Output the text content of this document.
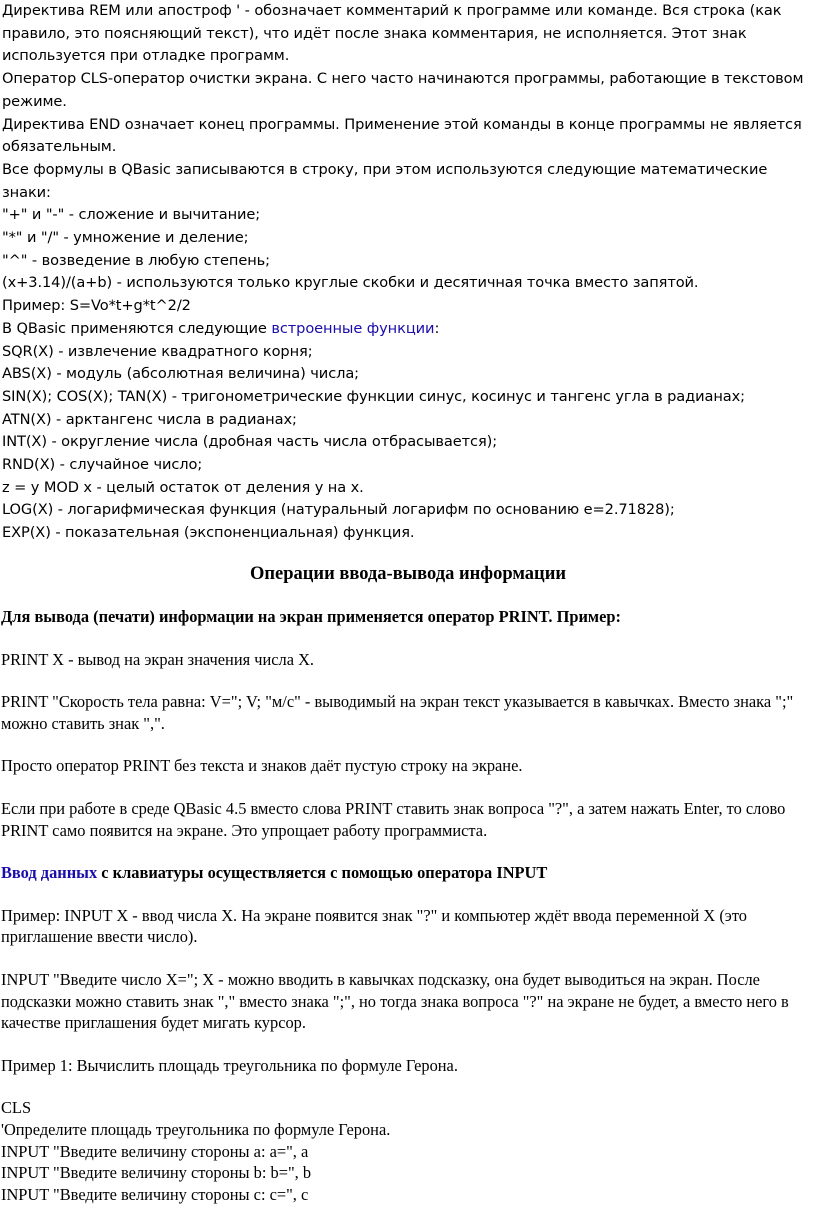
Директива REM или апостроф ' - обозначает комментарий к программе или команде. Вся строка (как правило, это поясняющий текст), что идёт после знака комментария, не исполняется. Этот знак используется при отладке программ.

Оператор CLS-оператор очистки экрана. С него часто начинаются программы, работающие в текстовом режиме.

Директива END означает конец программы. Применение этой команды в конце программы не является обязательным.

Все формулы в QBasic записываются в строку, при этом используются следующие математические знаки:

"+" и "-" - сложение и вычитание;

"*" и "/" - умножение и деление;

"^" - возведение в любую степень;

(x+3.14)/(a+b) - используются только круглые скобки и десятичная точка вместо запятой.

Пример: S=Vo*t+g*t^2/2

В QBasic применяются следующие встроенные функции:

SQR(X) - извлечение квадратного корня;

ABS(X) - модуль (абсолютная величина) числа;

SIN(X); COS(X); TAN(X) - тригонометрические функции синус, косинус и тангенс угла в радианах;

ATN(X) - арктангенс числа в радианах;

INT(X) - округление числа (дробная часть числа отбрасывается);

RND(X) - случайное число;

z = y MOD x - целый остаток от деления y на x.

LOG(X) - логарифмическая функция (натуральный логарифм по основанию е=2.71828);

EXP(X) - показательная (экспоненциальная) функция.

Операции ввода-вывода информации

Для вывода (печати) информации на экран применяется оператор PRINT. Пример:

PRINT X - вывод на экран значения числа X.

PRINT "Скорость тела равна: V="; V; "м/с" - выводимый на экран текст указывается в кавычках. Вместо знака ";" можно ставить знак ",".

Просто оператор PRINT без текста и знаков даёт пустую строку на экране.

Если при работе в среде QBasic 4.5 вместо слова PRINT ставить знак вопроса "?", а затем нажать Enter, то слово PRINT само появится на экране. Это упрощает работу программиста.

Ввод данных с клавиатуры осуществляется с помощью оператора INPUT

Пример: INPUT X - ввод числа X. На экране появится знак "?" и компьютер ждёт ввода переменной X (это приглашение ввести число).

INPUT "Введите число X="; X - можно вводить в кавычках подсказку, она будет выводиться на экран. После подсказки можно ставить знак "," вместо знака ";", но тогда знака вопроса "?" на экране не будет, а вместо него в качестве приглашения будет мигать курсор.

Пример 1: Вычислить площадь треугольника по формуле Герона.

CLS

'Определите площадь треугольника по формуле Герона.

INPUT "Введите величину стороны а: а=", a

INPUT "Введите величину стороны b: b=", b

INPUT "Введите величину стороны c: c=", c
